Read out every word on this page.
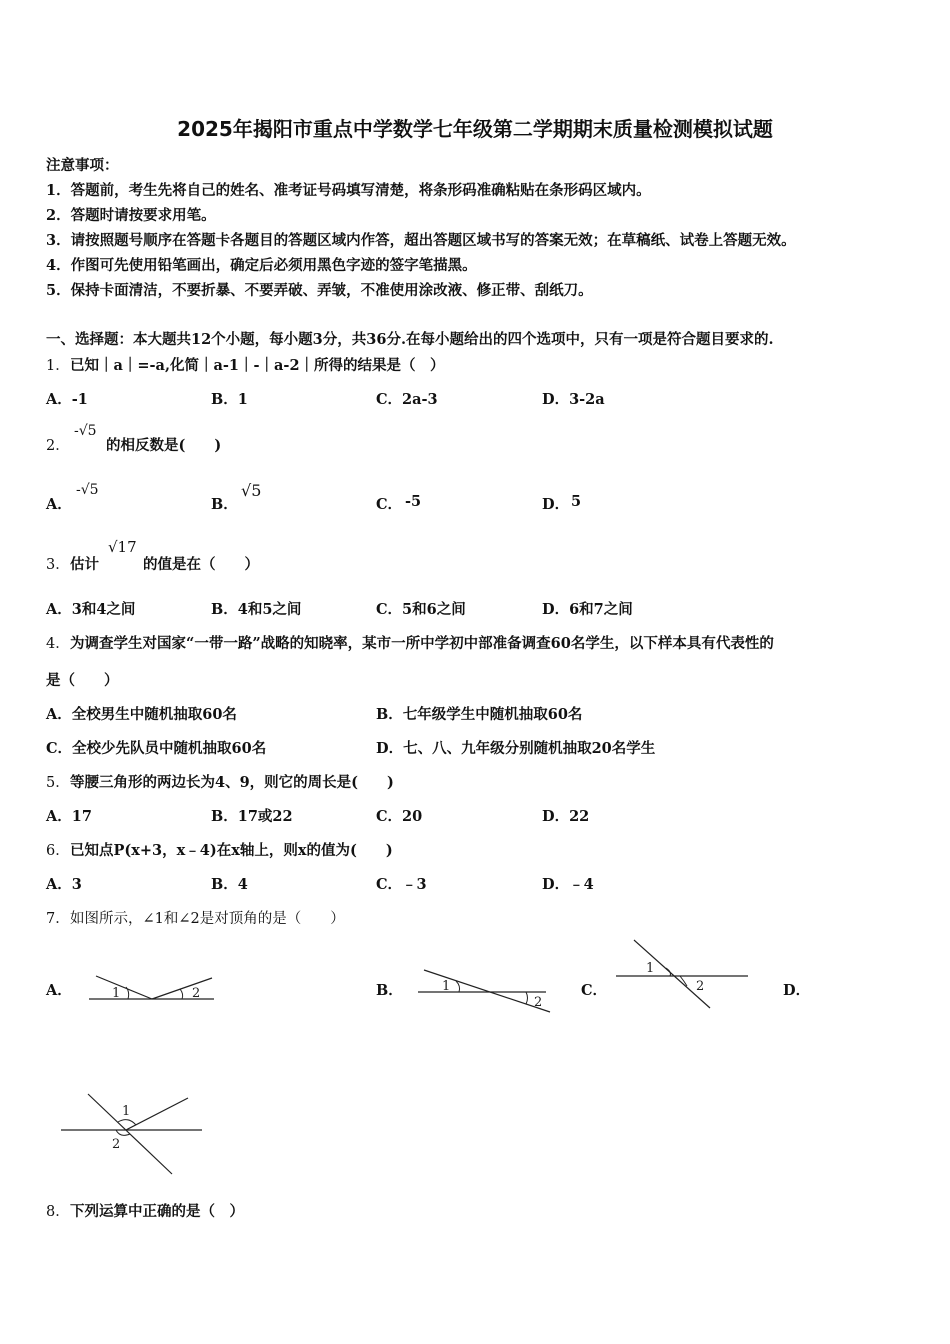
2025年揭阳市重点中学数学七年级第二学期期末质量检测模拟试题
注意事项：
1．答题前，考生先将自己的姓名、准考证号码填写清楚，将条形码准确粘贴在条形码区域内。
2．答题时请按要求用笔。
3．请按照题号顺序在答题卡各题目的答题区域内作答，超出答题区域书写的答案无效；在草稿纸、试卷上答题无效。
4．作图可先使用铅笔画出，确定后必须用黑色字迹的签字笔描黑。
5．保持卡面清洁，不要折暴、不要弄破、弄皱，不准使用涂改液、修正带、刮纸刀。
一、选择题：本大题共12个小题，每小题3分，共36分.在每小题给出的四个选项中，只有一项是符合题目要求的.
1． 已知｜a｜=-a,化简｜a-1｜-｜a-2｜所得的结果是（　）
A．-1	B．1	C．2a-3	D．3-2a
2．
-√5
的相反数是(　　)
A．
-√5
B．
√5
C． -5	D． 5
3． 估计
√17
的值是在（　　）
A．3和4之间	B．4和5之间	C．5和6之间	D．6和7之间
4． 为调查学生对国家“一带一路”战略的知晓率，某市一所中学初中部准备调查60名学生，以下样本具有代表性的
是（　　）
A．全校男生中随机抽取60名	B．七年级学生中随机抽取60名
C．全校少先队员中随机抽取60名	D．七、八、九年级分别随机抽取20名学生
5． 等腰三角形的两边长为4、9，则它的周长是(　　)
A．17	B．17或22	C．20	D．22
6． 已知点P(x+3，x﹣4)在x轴上，则x的值为(　　)
A．3	B．4	C．﹣3	D．﹣4
7． 如图所示，∠1和∠2是对顶角的是（　　）
A．	1	2	B．	1
2
C．
1
2	D．
1
2
8． 下列运算中正确的是（　）
